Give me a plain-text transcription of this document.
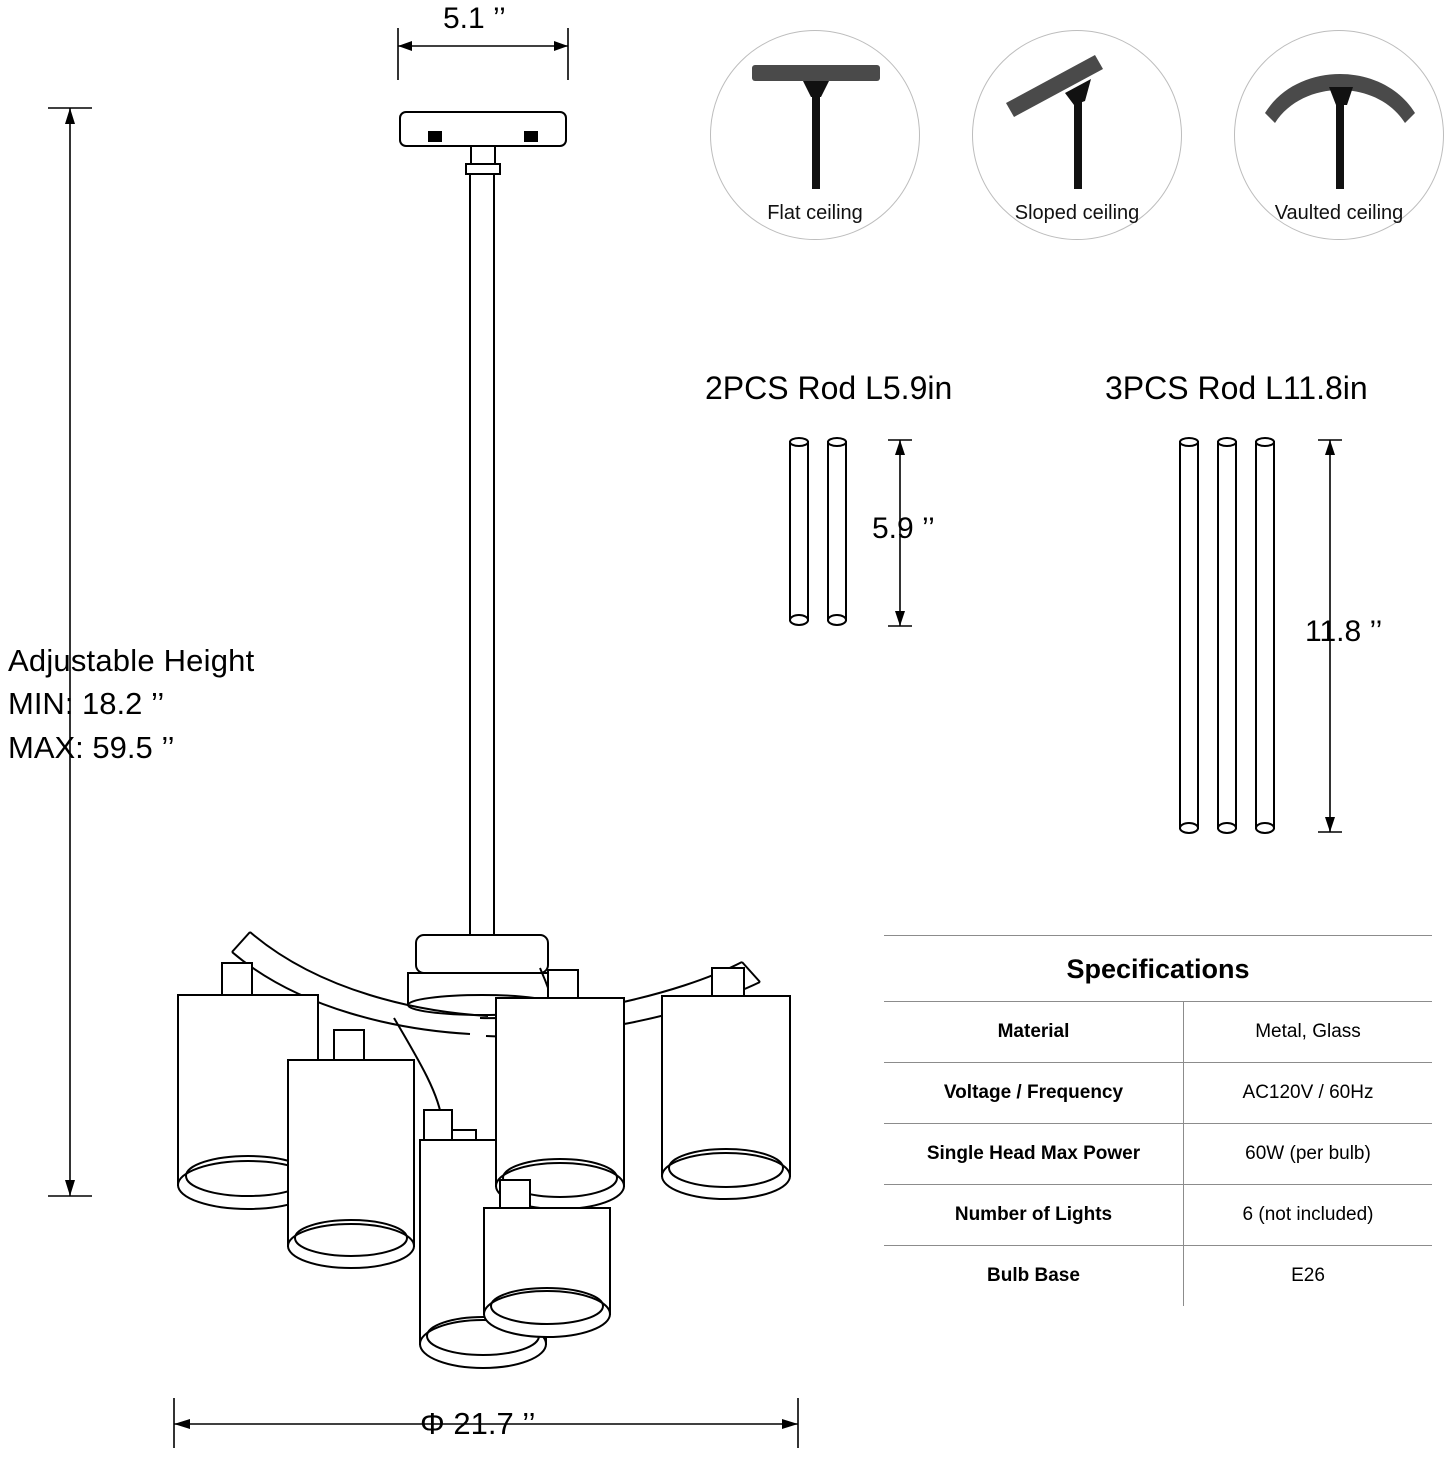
5.1 ’’
Φ 21.7 ’’
Adjustable Height
MIN: 18.2 ’’
MAX: 59.5 ’’
Flat ceiling	Sloped ceiling	Vaulted ceiling
2PCS Rod L5.9in	3PCS Rod L11.8in
5.9 ’’
11.8 ’’
Specifications	
Material	Metal, Glass
Voltage / Frequency	AC120V / 60Hz
Single Head Max Power	60W (per bulb)
Number of Lights	6 (not included)
Bulb Base	E26
